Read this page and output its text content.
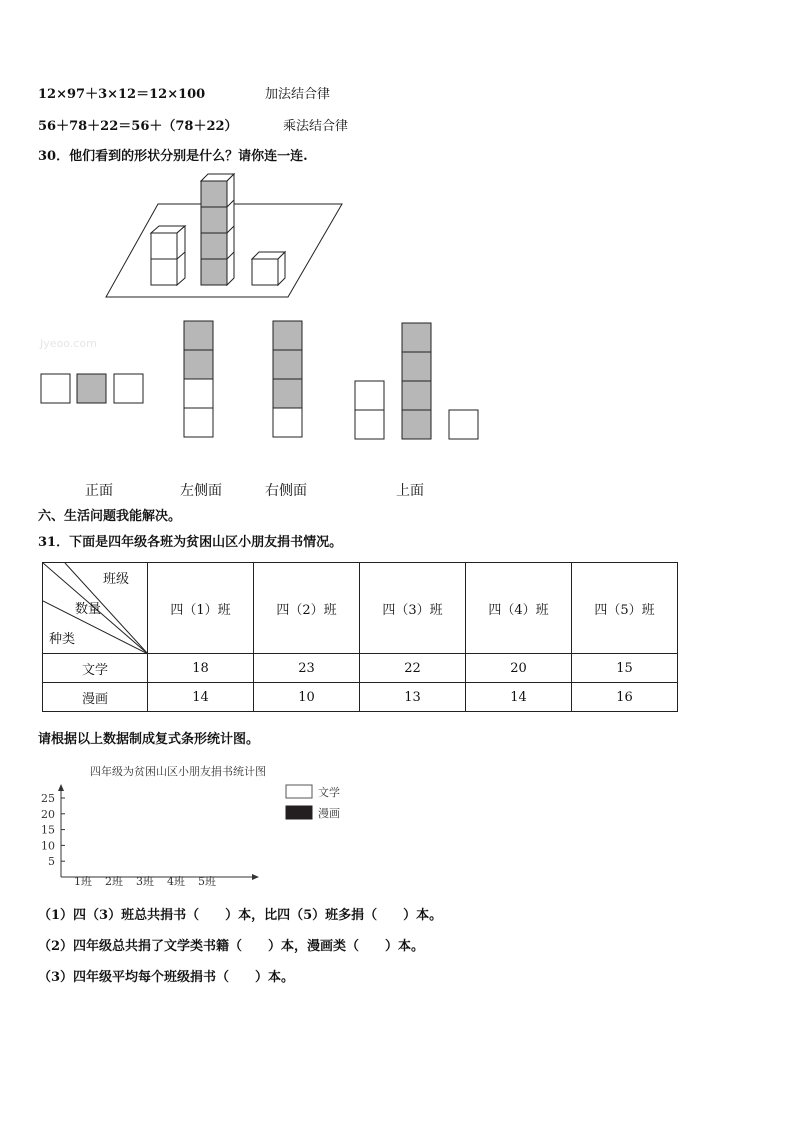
12×97＋3×12＝12×100	加法结合律
56＋78＋22＝56＋（78＋22）	乘法结合律
30．他们看到的形状分别是什么？请你连一连.
Jyeoo.com
正面	左侧面	右侧面	上面
六、生活问题我能解决。
31．下面是四年级各班为贫困山区小朋友捐书情况。
班级
数量
种类	四（1）班	四（2）班	四（3）班	四（4）班	四（5）班
文学	18	23	22	20	15
漫画	14	10	13	14	16
请根据以上数据制成复式条形统计图。
四年级为贫困山区小朋友捐书统计图
5
10
15
20
25
1班 2班 3班 4班 5班
文学
漫画
（1）四（3）班总共捐书（　　）本，比四（5）班多捐（　　）本。
（2）四年级总共捐了文学类书籍（　　）本，漫画类（　　）本。
（3）四年级平均每个班级捐书（　　）本。
